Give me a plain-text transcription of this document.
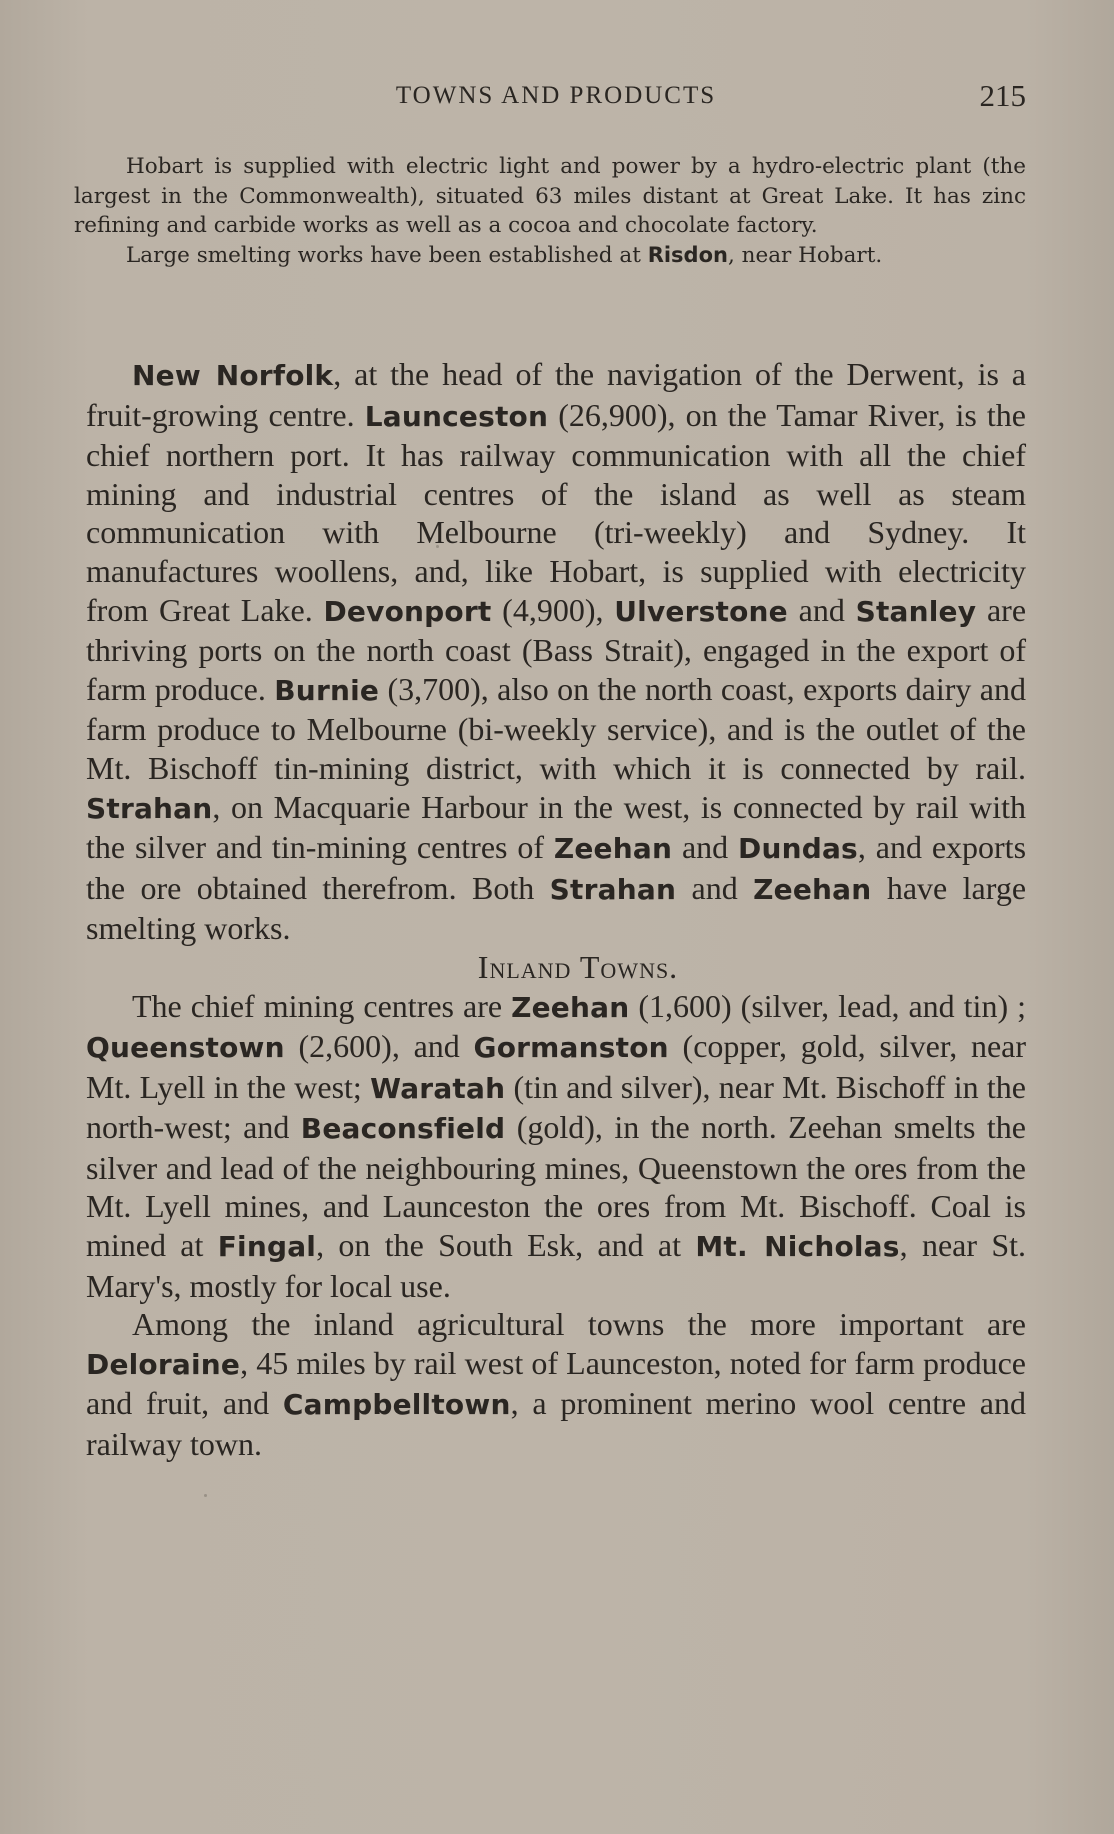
TOWNS AND PRODUCTS	215

Hobart is supplied with electric light and power by a hydro-electric plant (the largest in the Commonwealth), situated 63 miles distant at Great Lake. It has zinc refining and carbide works as well as a cocoa and chocolate factory.

Large smelting works have been established at Risdon, near Hobart.

New Norfolk, at the head of the navigation of the Derwent, is a fruit-growing centre. Launceston (26,900), on the Tamar River, is the chief northern port. It has railway communication with all the chief mining and industrial centres of the island as well as steam communication with Melbourne (tri-weekly) and Sydney. It manufactures woollens, and, like Hobart, is supplied with electricity from Great Lake. Devonport (4,900), Ulverstone and Stanley are thriving ports on the north coast (Bass Strait), engaged in the export of farm produce. Burnie (3,700), also on the north coast, exports dairy and farm produce to Melbourne (bi-weekly service), and is the outlet of the Mt. Bischoff tin-mining district, with which it is connected by rail. Strahan, on Macquarie Harbour in the west, is connected by rail with the silver and tin-mining centres of Zeehan and Dundas, and exports the ore obtained therefrom. Both Strahan and Zeehan have large smelting works.

Inland Towns.

The chief mining centres are Zeehan (1,600) (silver, lead, and tin) ; Queenstown (2,600), and Gormanston (copper, gold, silver, near Mt. Lyell in the west; Waratah (tin and silver), near Mt. Bischoff in the north-west; and Beaconsfield (gold), in the north. Zeehan smelts the silver and lead of the neighbouring mines, Queenstown the ores from the Mt. Lyell mines, and Launceston the ores from Mt. Bischoff. Coal is mined at Fingal, on the South Esk, and at Mt. Nicholas, near St. Mary's, mostly for local use.

Among the inland agricultural towns the more important are Deloraine, 45 miles by rail west of Launceston, noted for farm produce and fruit, and Campbelltown, a prominent merino wool centre and railway town.
